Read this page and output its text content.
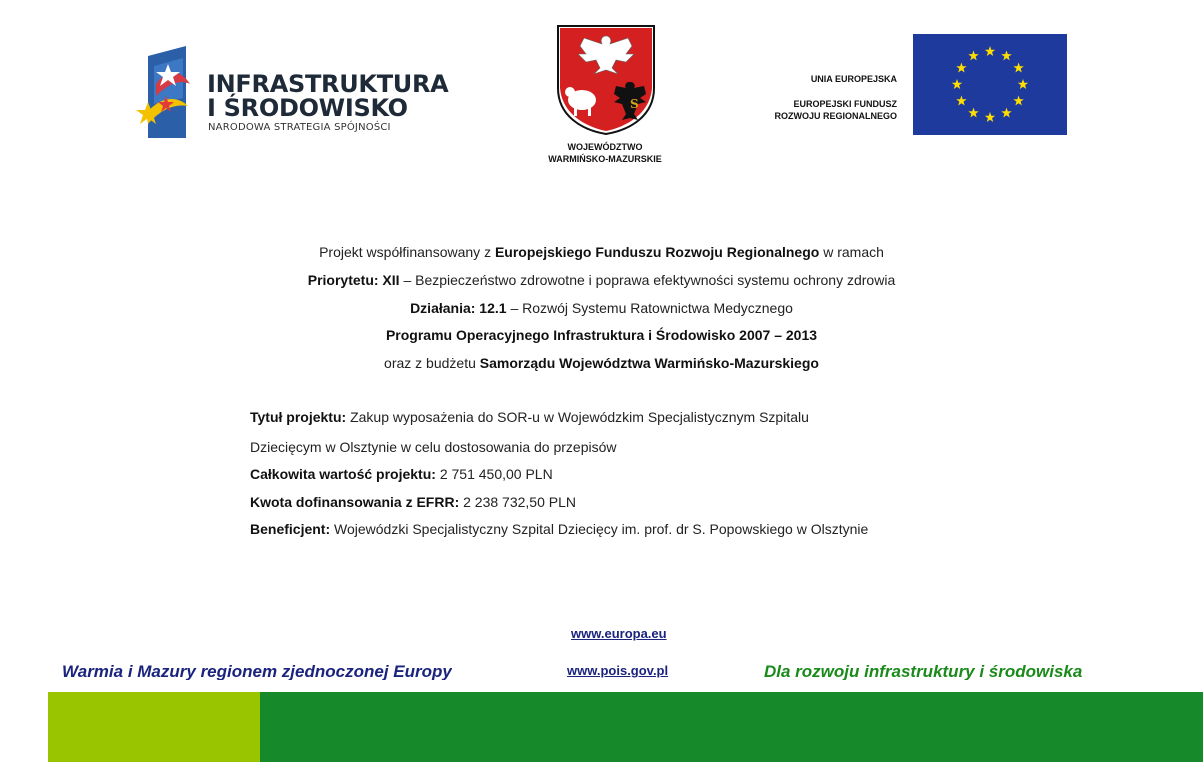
INFRASTRUKTURA
I ŚRODOWISKO
NARODOWA STRATEGIA SPÓJNOŚCI
S
WOJEWÓDZTWO
WARMIŃSKO-MAZURSKIE
UNIA EUROPEJSKA
EUROPEJSKI FUNDUSZ
ROZWOJU REGIONALNEGO
Projekt współfinansowany z Europejskiego Funduszu Rozwoju Regionalnego w ramach
Priorytetu: XII – Bezpieczeństwo zdrowotne i poprawa efektywności systemu ochrony zdrowia
Działania: 12.1 – Rozwój Systemu Ratownictwa Medycznego
Programu Operacyjnego Infrastruktura i Środowisko 2007 – 2013
oraz z budżetu Samorządu Województwa Warmińsko-Mazurskiego
Tytuł projektu: Zakup wyposażenia do SOR-u w Wojewódzkim Specjalistycznym Szpitalu
Dziecięcym w Olsztynie w celu dostosowania do przepisów
Całkowita wartość projektu: 2 751 450,00 PLN
Kwota dofinansowania z EFRR: 2 238 732,50 PLN
Beneficjent: Wojewódzki Specjalistyczny Szpital Dziecięcy im. prof. dr S. Popowskiego w Olsztynie
www.europa.eu
www.pois.gov.pl
Warmia i Mazury regionem zjednoczonej Europy	Dla rozwoju infrastruktury i środowiska
